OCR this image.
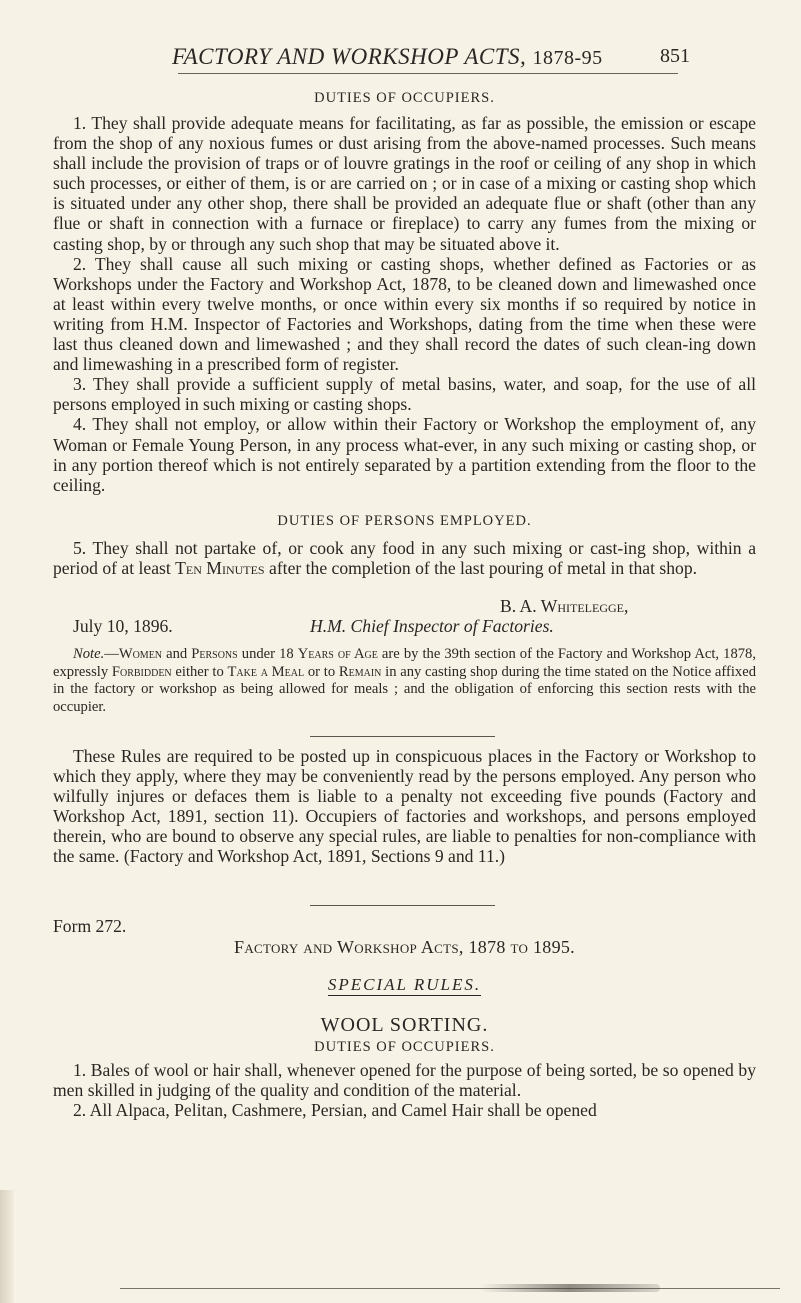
FACTORY AND WORKSHOP ACTS, 1878-95	851
DUTIES OF OCCUPIERS.

1. They shall provide adequate means for facilitating, as far as possible, the emission or escape from the shop of any noxious fumes or dust arising from the above-named processes. Such means shall include the provision of traps or of louvre gratings in the roof or ceiling of any shop in which such processes, or either of them, is or are carried on ; or in case of a mixing or casting shop which is situated under any other shop, there shall be provided an adequate flue or shaft (other than any flue or shaft in connection with a furnace or fireplace) to carry any fumes from the mixing or casting shop, by or through any such shop that may be situated above it.

2. They shall cause all such mixing or casting shops, whether defined as Factories or as Workshops under the Factory and Workshop Act, 1878, to be cleaned down and limewashed once at least within every twelve months, or once within every six months if so required by notice in writing from H.M. Inspector of Factories and Workshops, dating from the time when these were last thus cleaned down and limewashed ; and they shall record the dates of such clean-ing down and limewashing in a prescribed form of register.

3. They shall provide a sufficient supply of metal basins, water, and soap, for the use of all persons employed in such mixing or casting shops.

4. They shall not employ, or allow within their Factory or Workshop the employment of, any Woman or Female Young Person, in any process what-ever, in any such mixing or casting shop, or in any portion thereof which is not entirely separated by a partition extending from the floor to the ceiling.

DUTIES OF PERSONS EMPLOYED.

5. They shall not partake of, or cook any food in any such mixing or cast-ing shop, within a period of at least Ten Minutes after the completion of the last pouring of metal in that shop.

B. A. Whitelegge,
July 10, 1896.	H.M. Chief Inspector of Factories.

Note.—Women and Persons under 18 Years of Age are by the 39th section of the Factory and Workshop Act, 1878, expressly Forbidden either to Take a Meal or to Remain in any casting shop during the time stated on the Notice affixed in the factory or workshop as being allowed for meals ; and the obligation of enforcing this section rests with the occupier.

These Rules are required to be posted up in conspicuous places in the Factory or Workshop to which they apply, where they may be conveniently read by the persons employed. Any person who wilfully injures or defaces them is liable to a penalty not exceeding five pounds (Factory and Workshop Act, 1891, section 11). Occupiers of factories and workshops, and persons employed therein, who are bound to observe any special rules, are liable to penalties for non-compliance with the same. (Factory and Workshop Act, 1891, Sections 9 and 11.)

Form 272.
Factory and Workshop Acts, 1878 to 1895.
SPECIAL RULES.
WOOL SORTING.
DUTIES OF OCCUPIERS.

1. Bales of wool or hair shall, whenever opened for the purpose of being sorted, be so opened by men skilled in judging of the quality and condition of the material.

2. All Alpaca, Pelitan, Cashmere, Persian, and Camel Hair shall be opened
